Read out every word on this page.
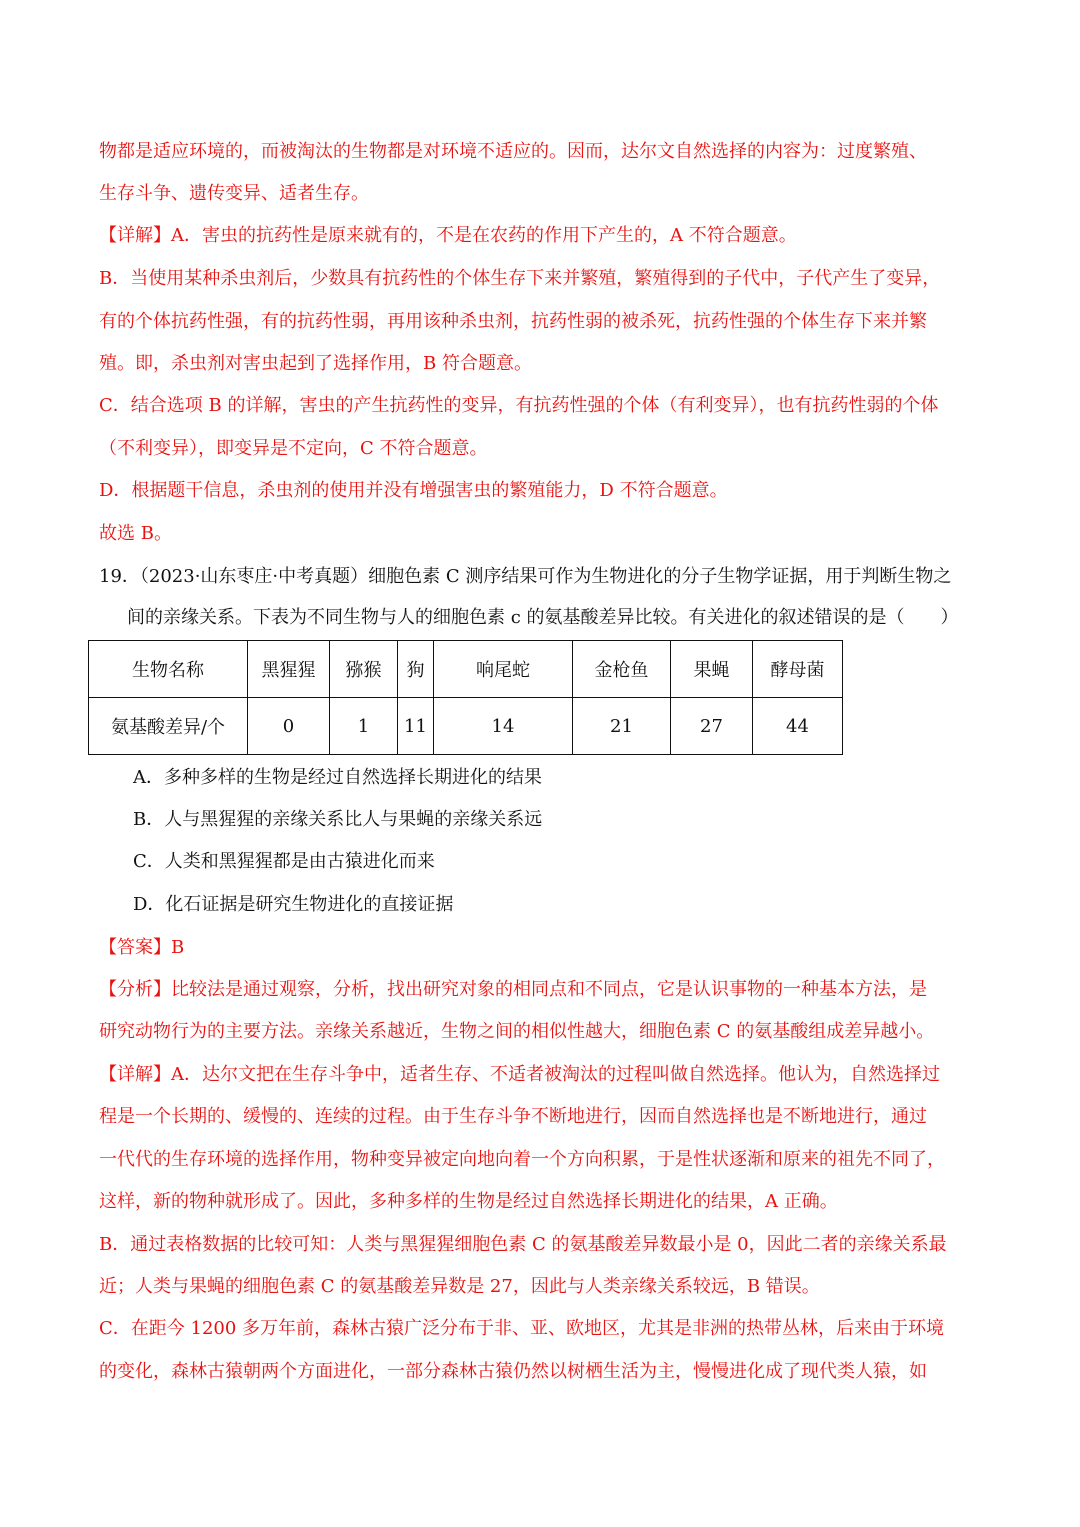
物都是适应环境的，而被淘汰的生物都是对环境不适应的。因而，达尔文自然选择的内容为：过度繁殖、
生存斗争、遗传变异、适者生存。
【详解】A．害虫的抗药性是原来就有的，不是在农药的作用下产生的，A 不符合题意。
B．当使用某种杀虫剂后，少数具有抗药性的个体生存下来并繁殖，繁殖得到的子代中，子代产生了变异，
有的个体抗药性强，有的抗药性弱，再用该种杀虫剂，抗药性弱的被杀死，抗药性强的个体生存下来并繁
殖。即，杀虫剂对害虫起到了选择作用，B 符合题意。
C．结合选项 B 的详解，害虫的产生抗药性的变异，有抗药性强的个体（有利变异），也有抗药性弱的个体
（不利变异），即变异是不定向，C 不符合题意。
D．根据题干信息，杀虫剂的使用并没有增强害虫的繁殖能力，D 不符合题意。
故选 B。
19．（2023·山东枣庄·中考真题）细胞色素 C 测序结果可作为生物进化的分子生物学证据，用于判断生物之
间的亲缘关系。下表为不同生物与人的细胞色素 c 的氨基酸差异比较。有关进化的叙述错误的是（　　）
生物名称	黑猩猩	猕猴	狗	响尾蛇	金枪鱼	果蝇	酵母菌
氨基酸差异/个	0	1	11	14	21	27	44
A．多种多样的生物是经过自然选择长期进化的结果
B．人与黑猩猩的亲缘关系比人与果蝇的亲缘关系远
C．人类和黑猩猩都是由古猿进化而来
D．化石证据是研究生物进化的直接证据
【答案】B
【分析】比较法是通过观察，分析，找出研究对象的相同点和不同点，它是认识事物的一种基本方法，是
研究动物行为的主要方法。亲缘关系越近，生物之间的相似性越大，细胞色素 C 的氨基酸组成差异越小。
【详解】A．达尔文把在生存斗争中，适者生存、不适者被淘汰的过程叫做自然选择。他认为，自然选择过
程是一个长期的、缓慢的、连续的过程。由于生存斗争不断地进行，因而自然选择也是不断地进行，通过
一代代的生存环境的选择作用，物种变异被定向地向着一个方向积累，于是性状逐渐和原来的祖先不同了，
这样，新的物种就形成了。因此，多种多样的生物是经过自然选择长期进化的结果，A 正确。
B．通过表格数据的比较可知：人类与黑猩猩细胞色素 C 的氨基酸差异数最小是 0，因此二者的亲缘关系最
近；人类与果蝇的细胞色素 C 的氨基酸差异数是 27，因此与人类亲缘关系较远，B 错误。
C．在距今 1200 多万年前，森林古猿广泛分布于非、亚、欧地区，尤其是非洲的热带丛林，后来由于环境
的变化，森林古猿朝两个方面进化，一部分森林古猿仍然以树栖生活为主，慢慢进化成了现代类人猿，如
